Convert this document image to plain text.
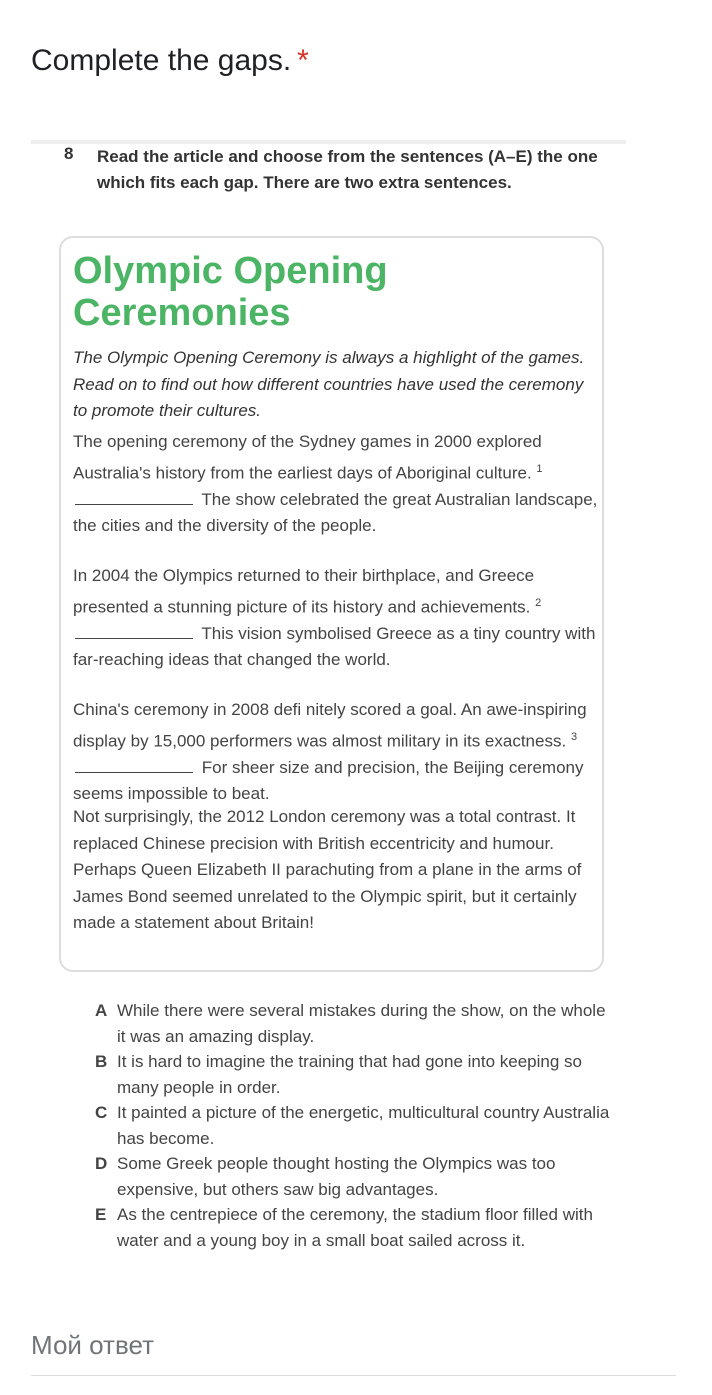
Complete the gaps. *
8 Read the article and choose from the sentences (A–E) the one which fits each gap. There are two extra sentences.
Olympic Opening Ceremonies
The Olympic Opening Ceremony is always a highlight of the games. Read on to find out how different countries have used the ceremony to promote their cultures.
The opening ceremony of the Sydney games in 2000 explored Australia's history from the earliest days of Aboriginal culture. $^1$ The show celebrated the great Australian landscape, the cities and the diversity of the people.
In 2004 the Olympics returned to their birthplace, and Greece presented a stunning picture of its history and achievements. $^2$ This vision symbolised Greece as a tiny country with far-reaching ideas that changed the world.
China's ceremony in 2008 defi nitely scored a goal. An awe-inspiring display by 15,000 performers was almost military in its exactness. $^3$ For sheer size and precision, the Beijing ceremony seems impossible to beat.
Not surprisingly, the 2012 London ceremony was a total contrast. It replaced Chinese precision with British eccentricity and humour. Perhaps Queen Elizabeth II parachuting from a plane in the arms of James Bond seemed unrelated to the Olympic spirit, but it certainly made a statement about Britain!
A While there were several mistakes during the show, on the whole it was an amazing display.
B It is hard to imagine the training that had gone into keeping so many people in order.
C It painted a picture of the energetic, multicultural country Australia has become.
D Some Greek people thought hosting the Olympics was too expensive, but others saw big advantages.
E As the centrepiece of the ceremony, the stadium floor filled with water and a young boy in a small boat sailed across it.
Мой ответ
